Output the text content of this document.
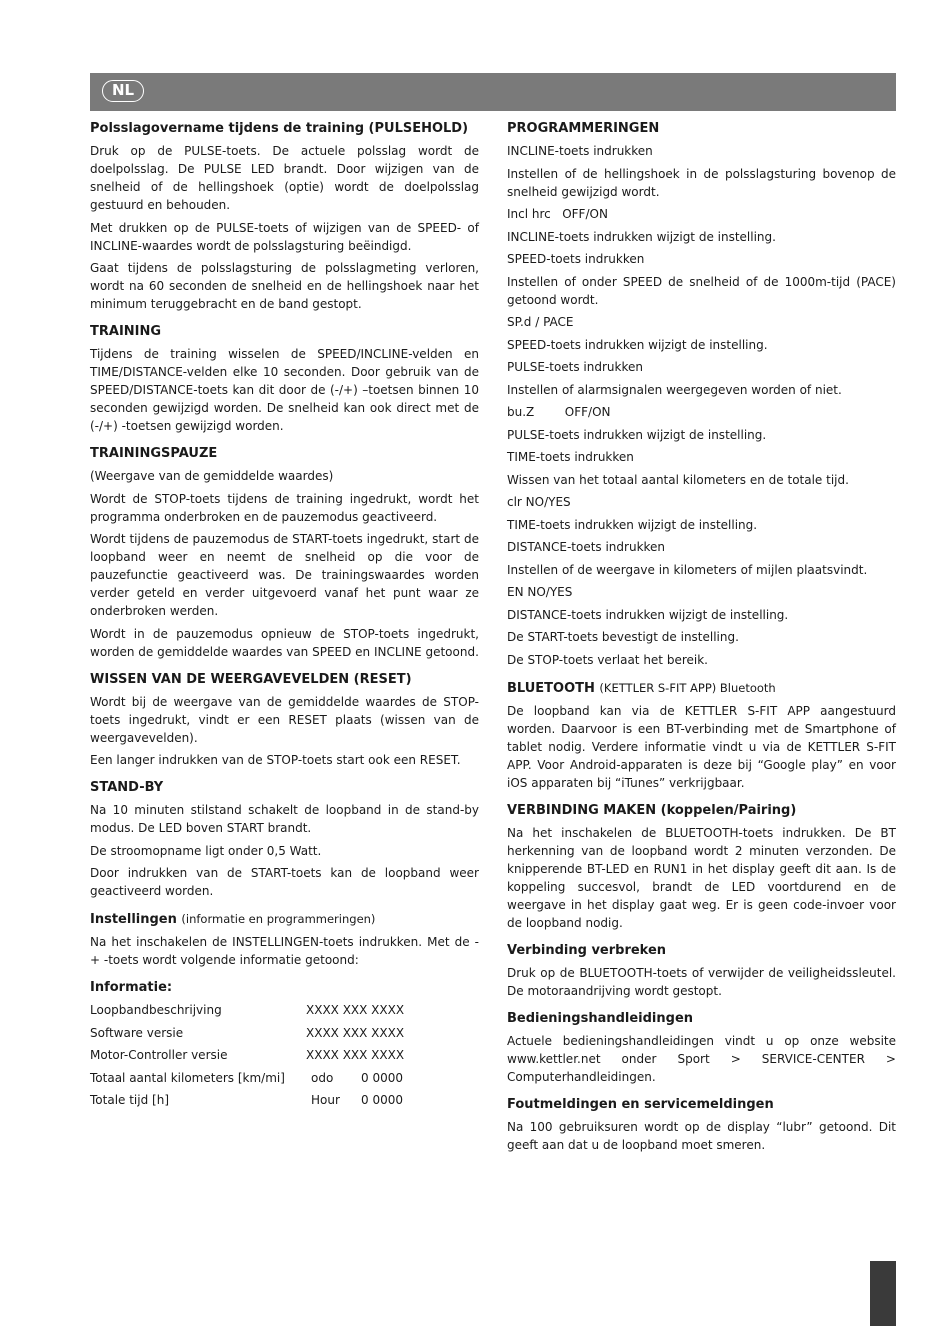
NL
Polsslagovername tijdens de training (PULSEHOLD)

Druk op de PULSE-toets. De actuele polsslag wordt de doelpolsslag. De PULSE LED brandt. Door wijzigen van de snelheid of de hellingshoek (optie) wordt de doelpolsslag gestuurd en behouden.

Met drukken op de PULSE-toets of wijzigen van de SPEED- of INCLINE-waardes wordt de polsslagsturing beëindigd.

Gaat tijdens de polsslagsturing de polsslagmeting verloren, wordt na 60 seconden de snelheid en de hellingshoek naar het minimum teruggebracht en de band gestopt.

TRAINING

Tijdens de training wisselen de SPEED/INCLINE-velden en TIME/DISTANCE-velden elke 10 seconden. Door gebruik van de SPEED/DISTANCE-toets kan dit door de (-/+) –toetsen binnen 10 seconden gewijzigd worden. De snelheid kan ook direct met de (-/+) -toetsen gewijzigd worden.

TRAININGSPAUZE

(Weergave van de gemiddelde waardes)

Wordt de STOP-toets tijdens de training ingedrukt, wordt het programma onderbroken en de pauzemodus geactiveerd.

Wordt tijdens de pauzemodus de START-toets ingedrukt, start de loopband weer en neemt de snelheid op die voor de pauzefunctie geactiveerd was. De trainingswaardes worden verder geteld en verder uitgevoerd vanaf het punt waar ze onderbroken werden.

Wordt in de pauzemodus opnieuw de STOP-toets ingedrukt, worden de gemiddelde waardes van SPEED en INCLINE getoond.

WISSEN VAN DE WEERGAVEVELDEN (RESET)

Wordt bij de weergave van de gemiddelde waardes de STOP-toets ingedrukt, vindt er een RESET plaats (wissen van de weergavevelden).

Een langer indrukken van de STOP-toets start ook een RESET.

STAND-BY

Na 10 minuten stilstand schakelt de loopband in de stand-by modus. De LED boven START brandt.

De stroomopname ligt onder 0,5 Watt.

Door indrukken van de START-toets kan de loopband weer geactiveerd worden.

Instellingen (informatie en programmeringen)

Na het inschakelen de INSTELLINGEN-toets indrukken. Met de - + -toets wordt volgende informatie getoond:

Informatie:
Loopbandbeschrijving	XXXX XXX XXXX
Software versie	XXXX XXX XXXX
Motor-Controller versie	XXXX XXX XXXX
Totaal aantal kilometers [km/mi]	odo	0 0000
Totale tijd [h]	Hour	0 0000
PROGRAMMERINGEN

INCLINE-toets indrukken

Instellen of de hellingshoek in de polsslagsturing bovenop de snelheid gewijzigd wordt.

Incl hrc   OFF/ON

INCLINE-toets indrukken wijzigt de instelling.

SPEED-toets indrukken

Instellen of onder SPEED de snelheid of de 1000m-tijd (PACE) getoond wordt.

SP.d / PACE

SPEED-toets indrukken wijzigt de instelling.

PULSE-toets indrukken

Instellen of alarmsignalen weergegeven worden of niet.

bu.Z        OFF/ON

PULSE-toets indrukken wijzigt de instelling.

TIME-toets indrukken

Wissen van het totaal aantal kilometers en de totale tijd.

clr NO/YES

TIME-toets indrukken wijzigt de instelling.

DISTANCE-toets indrukken

Instellen of de weergave in kilometers of mijlen plaatsvindt.

EN NO/YES

DISTANCE-toets indrukken wijzigt de instelling.

De START-toets bevestigt de instelling.

De STOP-toets verlaat het bereik.

BLUETOOTH (KETTLER S-FIT APP) Bluetooth

De loopband kan via de KETTLER S-FIT APP aangestuurd worden. Daarvoor is een BT-verbinding met de Smartphone of tablet nodig. Verdere informatie vindt u via de KETTLER S-FIT APP. Voor Android-apparaten is deze bij “Google play” en voor iOS apparaten bij “iTunes” verkrijgbaar.

VERBINDING MAKEN (koppelen/Pairing)

Na het inschakelen de BLUETOOTH-toets indrukken. De BT herkenning van de loopband wordt 2 minuten verzonden. De knipperende BT-LED en RUN1 in het display geeft dit aan. Is de koppeling succesvol, brandt de LED voortdurend en de weergave in het display gaat weg. Er is geen code-invoer voor de loopband nodig.

Verbinding verbreken

Druk op de BLUETOOTH-toets of verwijder de veiligheidssleutel. De motoraandrijving wordt gestopt.

Bedieningshandleidingen

Actuele bedieningshandleidingen vindt u op onze website www.kettler.net onder Sport > SERVICE-CENTER > Computerhandleidingen.

Foutmeldingen en servicemeldingen

Na 100 gebruiksuren wordt op de display “lubr” getoond. Dit geeft aan dat u de loopband moet smeren.
